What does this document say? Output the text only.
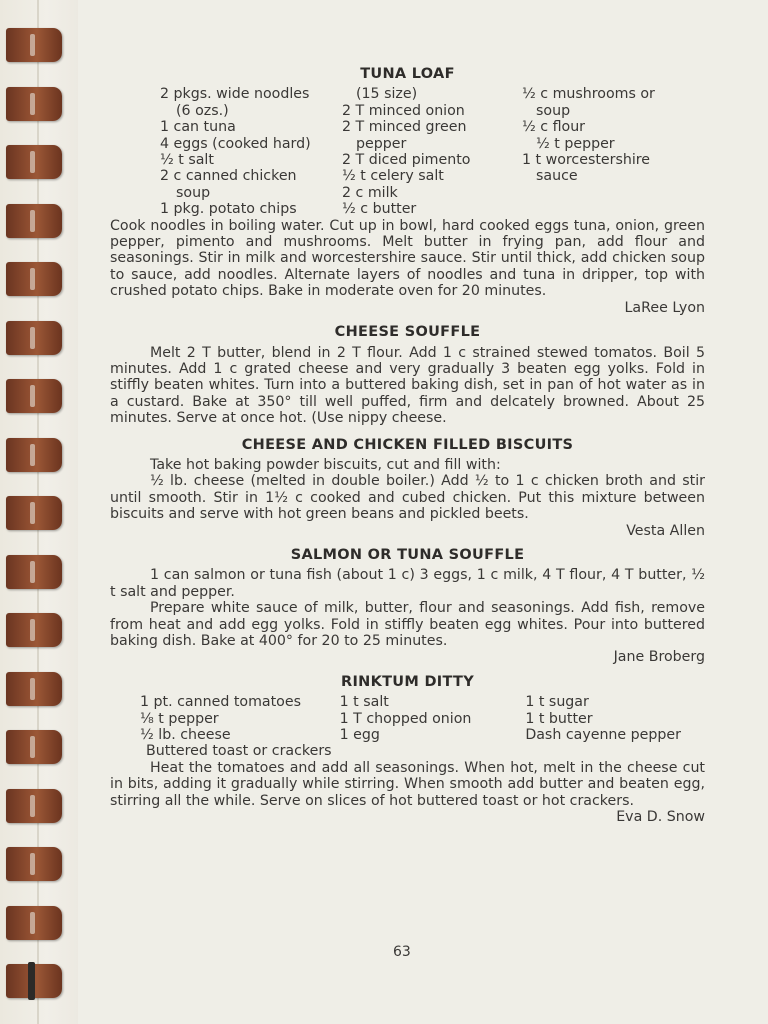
TUNA LOAF
2 pkgs. wide noodles
(6 ozs.)
1 can tuna
4 eggs (cooked hard)
½ t salt
2 c canned chicken
soup
1 pkg. potato chips
(15 size)
2 T minced onion
2 T minced green
pepper
2 T diced pimento
½ t celery salt
2 c milk
½ c butter
½ c mushrooms or
soup
½ c flour
½ t pepper
1 t worcestershire
sauce

Cook noodles in boiling water. Cut up in bowl, hard cooked eggs tuna, onion, green pepper, pimento and mushrooms. Melt butter in frying pan, add flour and seasonings. Stir in milk and worcestershire sauce. Stir until thick, add chicken soup to sauce, add noodles. Alternate layers of noodles and tuna in dripper, top with crushed potato chips. Bake in moderate oven for 20 minutes.

LaRee Lyon
CHEESE SOUFFLE

Melt 2 T butter, blend in 2 T flour. Add 1 c strained stewed tomatos. Boil 5 minutes. Add 1 c grated cheese and very gradually 3 beaten egg yolks. Fold in stiffly beaten whites. Turn into a buttered baking dish, set in pan of hot water as in a custard. Bake at 350° till well puffed, firm and delcately browned. About 25 minutes. Serve at once hot. (Use nippy cheese.

CHEESE AND CHICKEN FILLED BISCUITS

Take hot baking powder biscuits, cut and fill with:

½ lb. cheese (melted in double boiler.) Add ½ to 1 c chicken broth and stir until smooth. Stir in 1½ c cooked and cubed chicken. Put this mixture between biscuits and serve with hot green beans and pickled beets.

Vesta Allen
SALMON OR TUNA SOUFFLE

1 can salmon or tuna fish (about 1 c) 3 eggs, 1 c milk, 4 T flour, 4 T butter, ½ t salt and pepper.

Prepare white sauce of milk, butter, flour and seasonings. Add fish, remove from heat and add egg yolks. Fold in stiffly beaten egg whites. Pour into buttered baking dish. Bake at 400° for 20 to 25 minutes.

Jane Broberg
RINKTUM DITTY
1 pt. canned tomatoes
⅛ t pepper
½ lb. cheese
1 t salt
1 T chopped onion
1 egg
1 t sugar
1 t butter
Dash cayenne pepper
Buttered toast or crackers

Heat the tomatoes and add all seasonings. When hot, melt in the cheese cut in bits, adding it gradually while stirring. When smooth add butter and beaten egg, stirring all the while. Serve on slices of hot buttered toast or hot crackers.

Eva D. Snow
63
